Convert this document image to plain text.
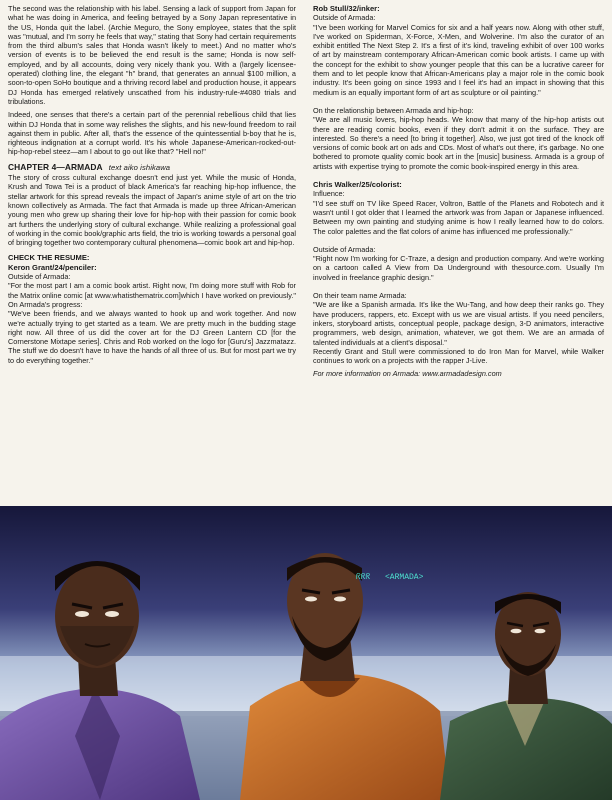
The second was the relationship with his label. Sensing a lack of support from Japan for what he was doing in America, and feeling betrayed by a Sony Japan representative in the US, Honda quit the label. (Archie Meguro, the Sony employee, states that the split was "mutual, and I'm sorry he feels that way," stating that Sony had certain requirements from the third album's sales that Honda wasn't likely to meet.) And no matter who's version of events is to be believed the end result is the same; Honda is now self-employed, and by all accounts, doing very nicely thank you. With a (largely licensee-operated) clothing line, the elegant "h" brand, that generates an annual $100 million, a soon-to-open SoHo boutique and a thriving record label and production house, it appears DJ Honda has emerged relatively unscathed from his industry-rule-#4080 trials and tribulations.

Indeed, one senses that there's a certain part of the perennial rebellious child that lies within DJ Honda that in some way relishes the slights, and his new-found freedom to rail against them in public. After all, that's the essence of the quintessential b-boy that he is, righteous indignation at a corrupt world. It's his whole Japanese-American-rocked-out-hip-hop-rebel steez—am I about to go out like that? "Hell no!"

CHAPTER 4—ARMADA text aiko ishikawa

The story of cross cultural exchange doesn't end just yet. While the music of Honda, Krush and Towa Tei is a product of black America's far reaching hip-hop influence, the stellar artwork for this spread reveals the impact of Japan's anime style of art on the trio known collectively as Armada. The fact that Armada is made up three African-American young men who grew up sharing their love for hip-hop with their passion for comic book art furthers the underlying story of cultural exchange. While realizing a professional goal of working in the comic book/graphic arts field, the trio is working towards a personal goal of bringing together two contemporary cultural phenomena—comic book art and hip-hop.

CHECK THE RESUME:
Keron Grant/24/penciler:
Outside of Armada:

"For the most part I am a comic book artist. Right now, I'm doing more stuff with Rob for the Matrix online comic [at www.whatisthematrix.com]which I have worked on previously."

On Armada's progress:

"We've been friends, and we always wanted to hook up and work together. And now we're actually trying to get started as a team. We are pretty much in the budding stage right now. All three of us did the cover art for the DJ Green Lantern CD [for the Cornerstone Mixtape series]. Chris and Rob worked on the logo for [Guru's] Jazzmatazz. The stuff we do doesn't have to have the hands of all three of us. But for most part we try to do everything together."

Rob Stull/32/inker:
Outside of Armada:

"I've been working for Marvel Comics for six and a half years now. Along with other stuff, I've worked on Spiderman, X-Force, X-Men, and Wolverine. I'm also the curator of an exhibit entitled The Next Step 2. It's a first of it's kind, traveling exhibit of over 100 works of art by mainstream contemporary African-American comic book artists. I came up with the concept for the exhibit to show younger people that this can be a lucrative career for them and to let people know that African-Americans play a major role in the comic book industry. It's been going on since 1993 and I feel it's had an impact in showing that this medium is an equally important form of art as sculpture or oil painting."

On the relationship between Armada and hip-hop:

"We are all music lovers, hip-hop heads. We know that many of the hip-hop artists out there are reading comic books, even if they don't admit it on the surface. They are interested. So there's a need [to bring it together]. Also, we just got tired of the knock off versions of comic book art on ads and CDs. Most of what's out there, it's garbage. No one bothered to promote quality comic book art in the [music] business. Armada is a group of artists with expertise trying to promote the comic book-inspired energy in this area.

Chris Walker/25/colorist:
Influence:

"I'd see stuff on TV like Speed Racer, Voltron, Battle of the Planets and Robotech and it wasn't until I got older that I learned the artwork was from Japan or Japanese influenced. Between my own painting and studying anime is how I really learned how to do colors. The color palettes and the flat colors of anime has influenced me professionally."

Outside of Armada:

"Right now I'm working for C-Traze, a design and production company. And we're working on a cartoon called A View from Da Underground with thesource.com. Usually I'm involved in freelance graphic design."

On their team name Armada:

"We are like a Spanish armada. It's like the Wu-Tang, and how deep their ranks go. They have producers, rappers, etc. Except with us we are visual artists. If you need pencilers, inkers, storyboard artists, conceptual people, package design, 3-D animators, interactive programmers, web design, animation, whatever, we got them. We are an armada of talented individuals at a client's disposal."

Recently Grant and Stull were commissioned to do Iron Man for Marvel, while Walker continues to work on a projects with the rapper J-Live.

For more information on Armada: www.armadadesign.com

ᖇᖇᖇ <ARMADA>
